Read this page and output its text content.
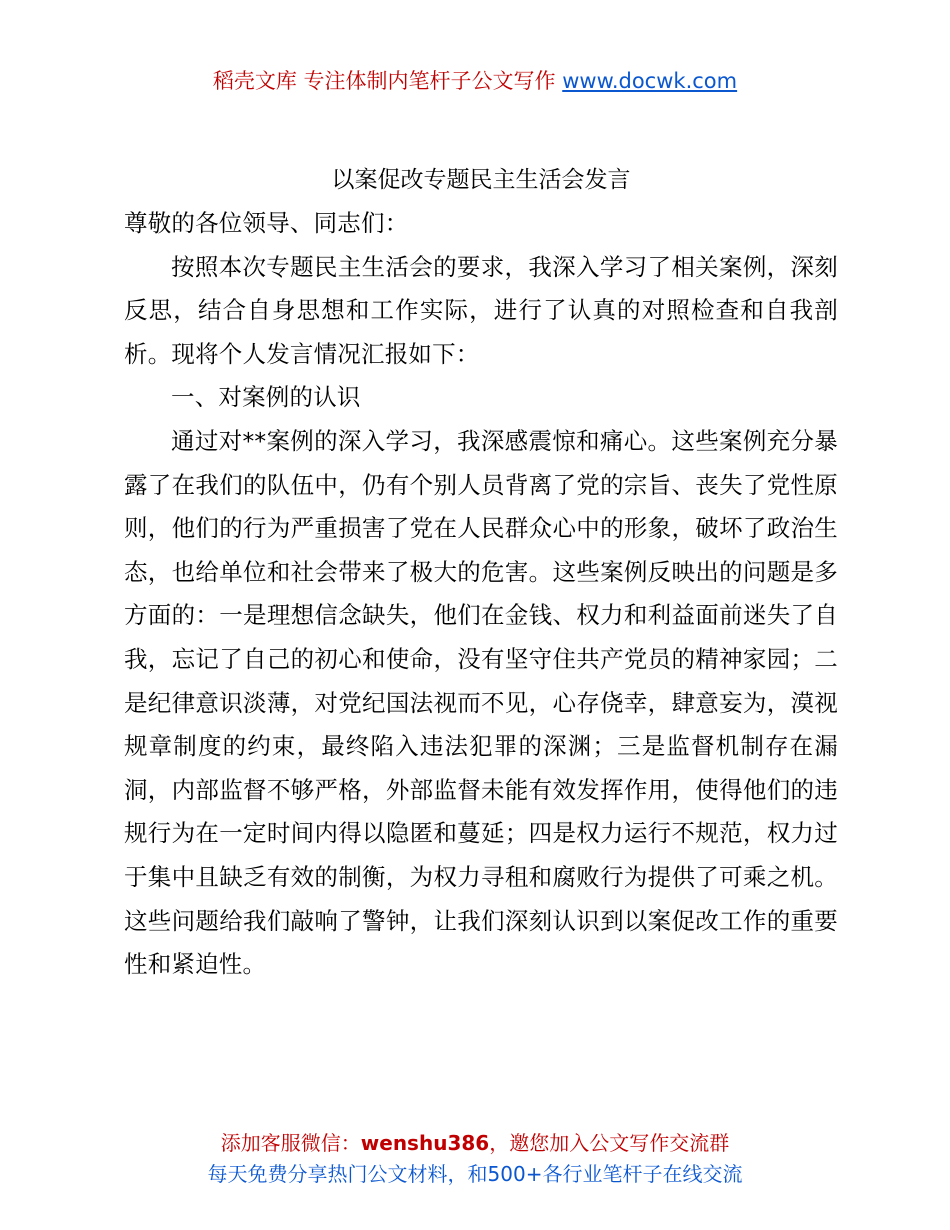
稻壳文库 专注体制内笔杆子公文写作 www.docwk.com
以案促改专题民主生活会发言

尊敬的各位领导、同志们：

按照本次专题民主生活会的要求，我深入学习了相关案例，深刻反思，结合自身思想和工作实际，进行了认真的对照检查和自我剖析。现将个人发言情况汇报如下：

一、对案例的认识

通过对**案例的深入学习，我深感震惊和痛心。这些案例充分暴露了在我们的队伍中，仍有个别人员背离了党的宗旨、丧失了党性原则，他们的行为严重损害了党在人民群众心中的形象，破坏了政治生态，也给单位和社会带来了极大的危害。这些案例反映出的问题是多方面的：一是理想信念缺失，他们在金钱、权力和利益面前迷失了自我，忘记了自己的初心和使命，没有坚守住共产党员的精神家园；二是纪律意识淡薄，对党纪国法视而不见，心存侥幸，肆意妄为，漠视规章制度的约束，最终陷入违法犯罪的深渊；三是监督机制存在漏洞，内部监督不够严格，外部监督未能有效发挥作用，使得他们的违规行为在一定时间内得以隐匿和蔓延；四是权力运行不规范，权力过于集中且缺乏有效的制衡，为权力寻租和腐败行为提供了可乘之机。这些问题给我们敲响了警钟，让我们深刻认识到以案促改工作的重要性和紧迫性。

添加客服微信：wenshu386，邀您加入公文写作交流群
每天免费分享热门公文材料，和500+各行业笔杆子在线交流
